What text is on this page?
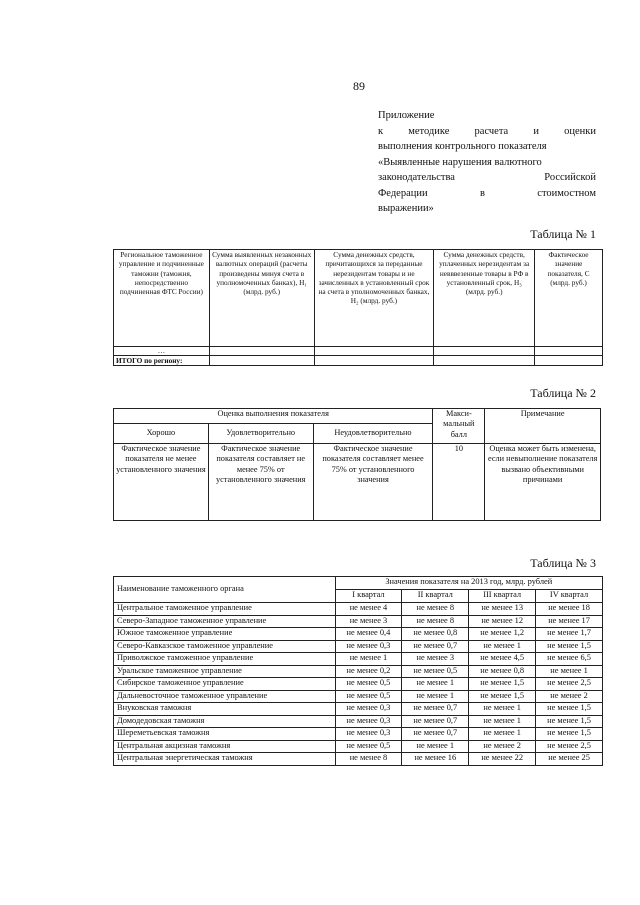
89
Приложение
к методике расчета и оценки
выполнения контрольного показателя
«Выявленные нарушения валютного
законодательства	Российской
Федерации	в	стоимостном
выражении»
Таблица № 1
Региональное таможенное управление и подчиненные таможни (таможня, непосредственно подчиненная ФТС России)	Сумма выявленных незаконных валютных операций (расчеты произведены минуя счета в уполномоченных банках), H₁ (млрд. руб.)	Сумма денежных средств, причитающихся за переданные нерезидентам товары и не зачисленных в установленный срок на счета в уполномоченных банках, H₂ (млрд. руб.)	Сумма денежных средств, уплаченных нерезидентам за невввезенные товары в РФ в установленный срок, H₃ (млрд. руб.)	Фактическое значение показателя, С (млрд. руб.)
…				
ИТОГО по региону:				
Таблица № 2
Оценка выполнения показателя			Макси-мальный балл	Примечание
Хорошо	Удовлетворительно	Неудовлетворительно		
Фактическое значение показателя не менее установленного значения	Фактическое значение показателя составляет не менее 75% от установленного значения	Фактическое значение показателя составляет менее 75% от установленного значения	10	Оценка может быть изменена, если невыполнение показателя вызвано объективными причинами
Таблица № 3
Наименование таможенного органа	Значения показателя на 2013 год, млрд. рублей			
	I квартал	II квартал	III квартал	IV квартал
Центральное таможенное управление	не менее 4	не менее 8	не менее 13	не менее 18
Северо-Западное таможенное управление	не менее 3	не менее 8	не менее 12	не менее 17
Южное таможенное управление	не менее 0,4	не менее 0,8	не менее 1,2	не менее 1,7
Северо-Кавказское таможенное управление	не менее 0,3	не менее 0,7	не менее 1	не менее 1,5
Приволжское таможенное управление	не менее 1	не менее 3	не менее 4,5	не менее 6,5
Уральское таможенное управление	не менее 0,2	не менее 0,5	не менее 0,8	не менее 1
Сибирское таможенное управление	не менее 0,5	не менее 1	не менее 1,5	не менее 2,5
Дальневосточное таможенное управление	не менее 0,5	не менее 1	не менее 1,5	не менее 2
Внуковская таможня	не менее 0,3	не менее 0,7	не менее 1	не менее 1,5
Домодедовская таможня	не менее 0,3	не менее 0,7	не менее 1	не менее 1,5
Шереметьевская таможня	не менее 0,3	не менее 0,7	не менее 1	не менее 1,5
Центральная акцизная таможня	не менее 0,5	не менее 1	не менее 2	не менее 2,5
Центральная энергетическая таможня	не менее 8	не менее 16	не менее 22	не менее 25
